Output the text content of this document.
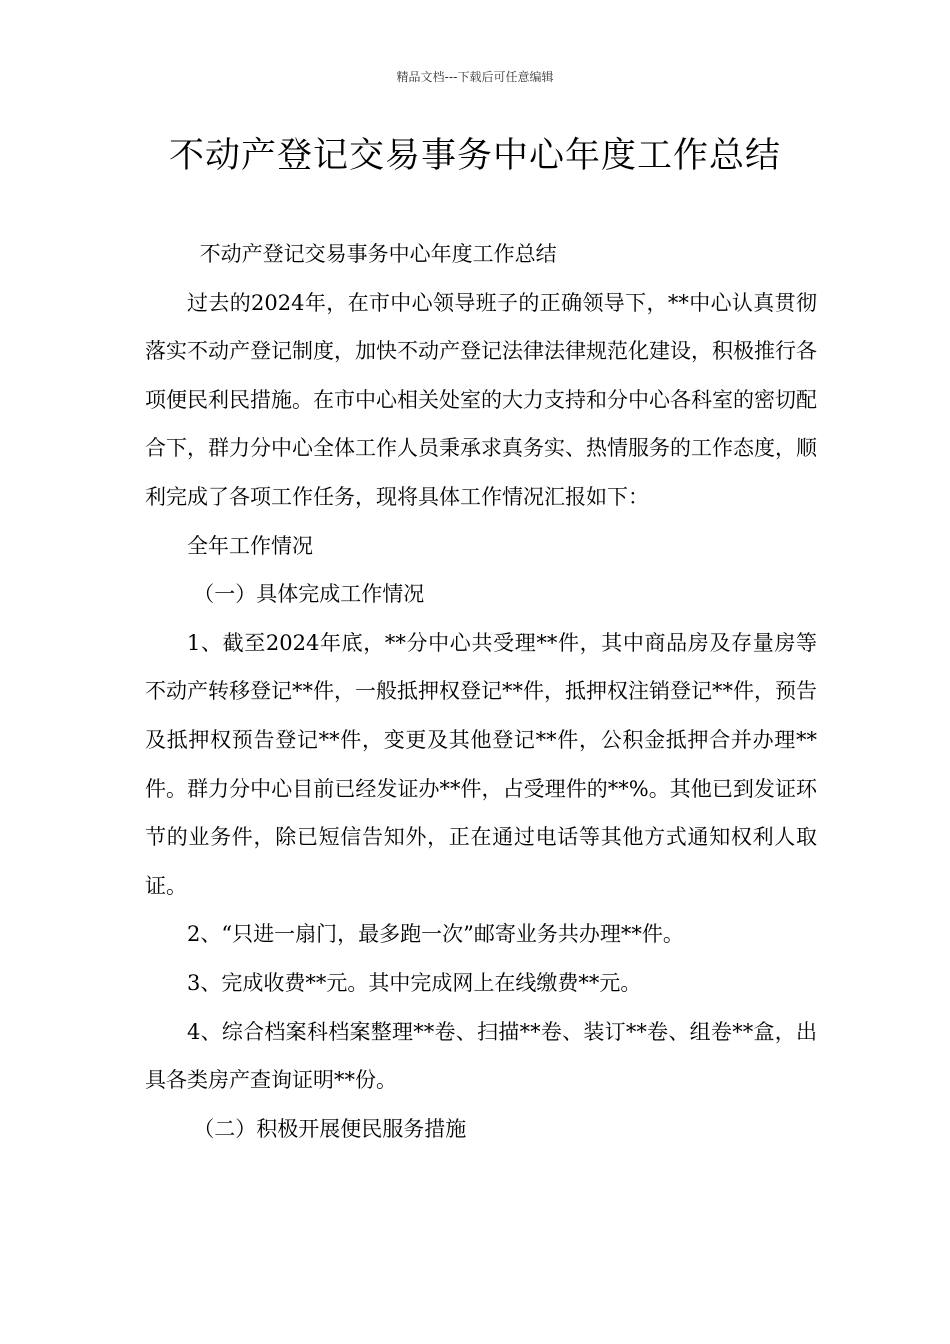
精品文档---下载后可任意编辑
不动产登记交易事务中心年度工作总结

不动产登记交易事务中心年度工作总结

过去的2024年，在市中心领导班子的正确领导下，**中心认真贯彻落实不动产登记制度，加快不动产登记法律法律规范化建设，积极推行各项便民利民措施。在市中心相关处室的大力支持和分中心各科室的密切配合下，群力分中心全体工作人员秉承求真务实、热情服务的工作态度，顺利完成了各项工作任务，现将具体工作情况汇报如下：

全年工作情况

（一）具体完成工作情况

1、截至2024年底，**分中心共受理**件，其中商品房及存量房等不动产转移登记**件，一般抵押权登记**件，抵押权注销登记**件，预告及抵押权预告登记**件，变更及其他登记**件，公积金抵押合并办理**件。群力分中心目前已经发证办**件，占受理件的**%。其他已到发证环节的业务件，除已短信告知外，正在通过电话等其他方式通知权利人取证。

2、“只进一扇门，最多跑一次”邮寄业务共办理**件。

3、完成收费**元。其中完成网上在线缴费**元。

4、综合档案科档案整理**卷、扫描**卷、装订**卷、组卷**盒，出具各类房产查询证明**份。

（二）积极开展便民服务措施
